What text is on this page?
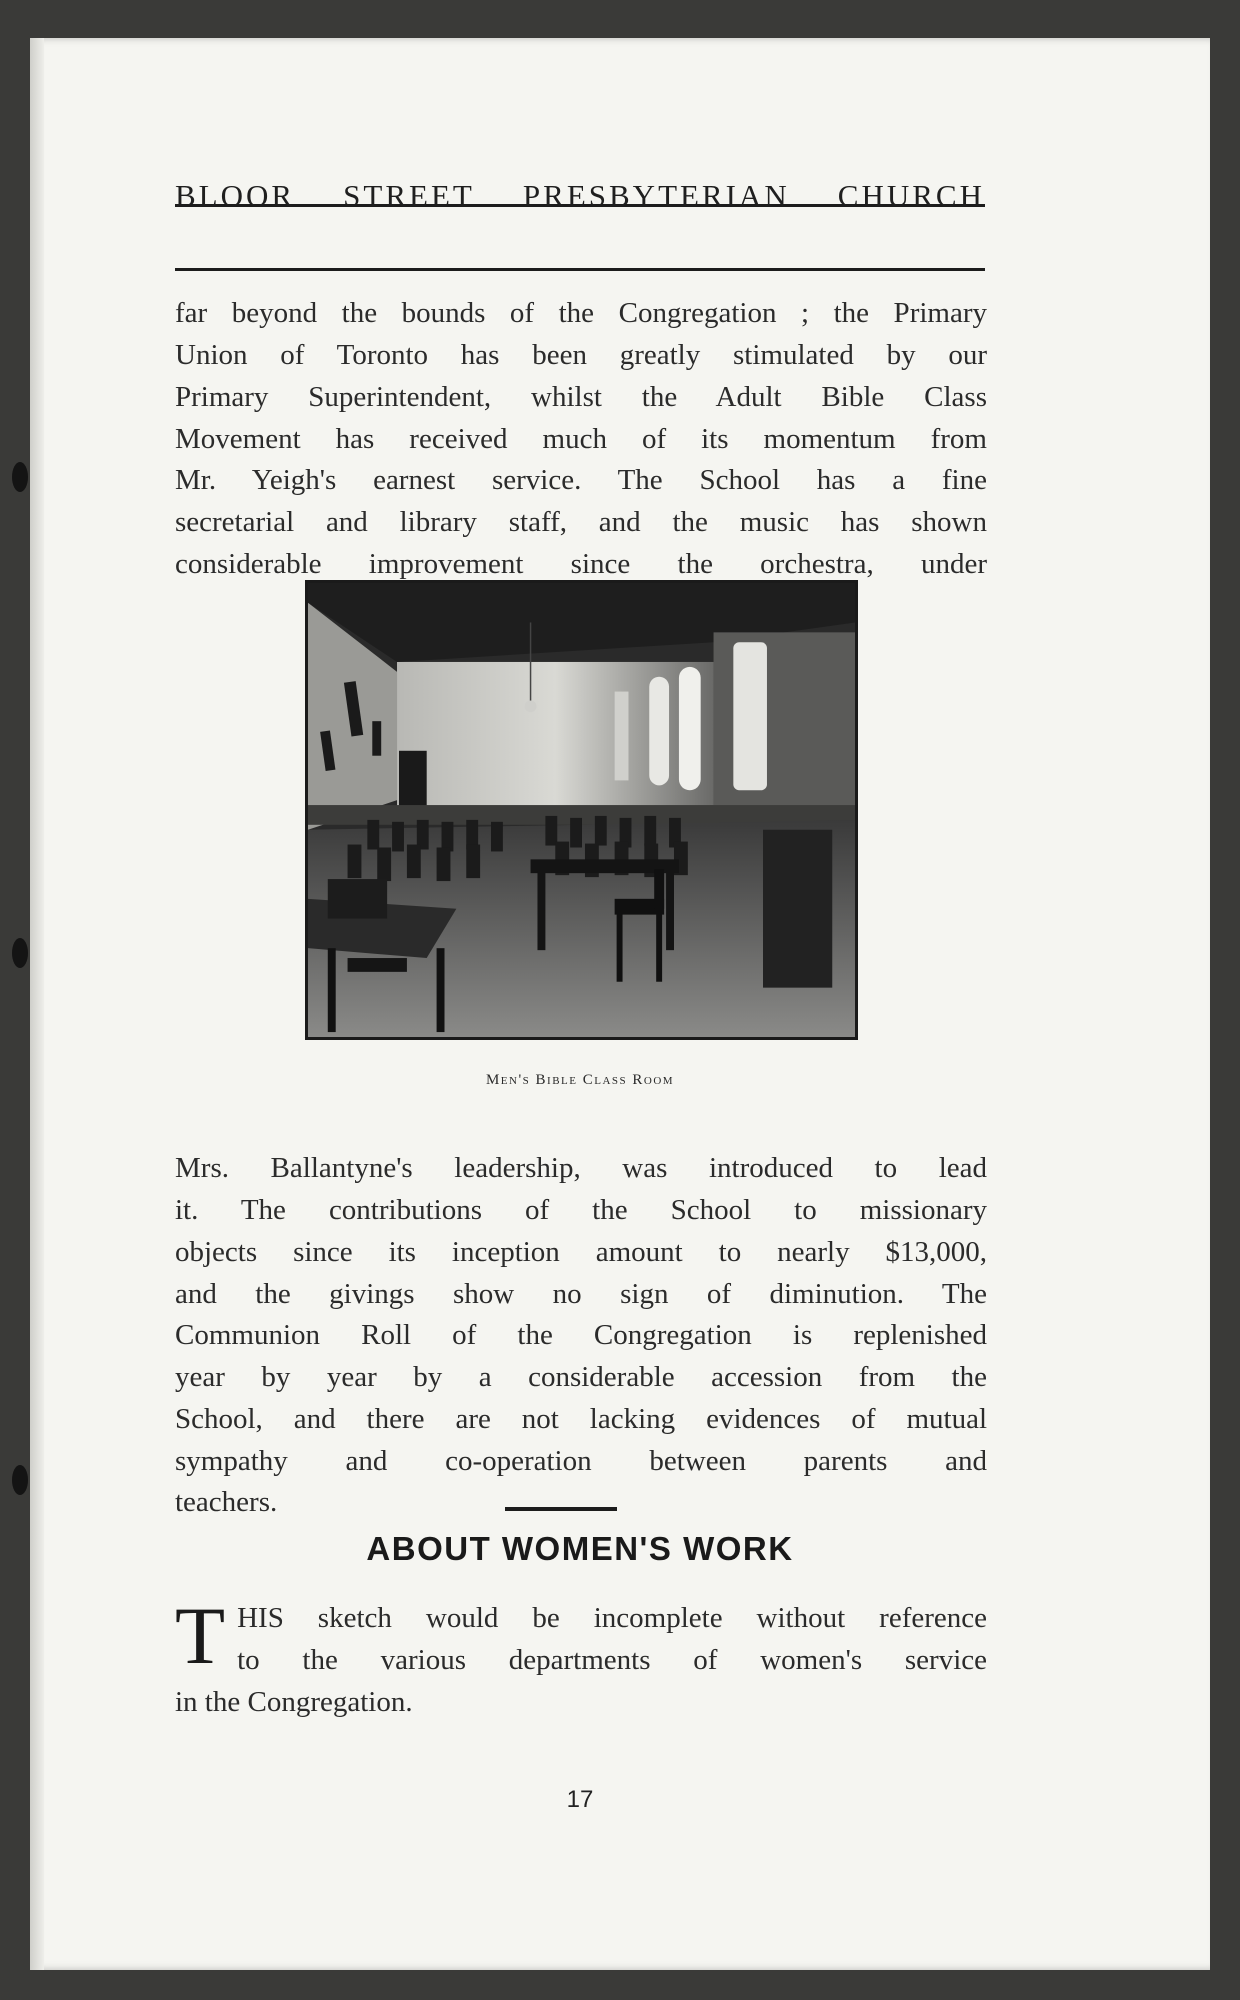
BLOOR STREET PRESBYTERIAN CHURCH

far beyond the bounds of the Congregation ; the Primary

Union of Toronto has been greatly stimulated by our

Primary Superintendent, whilst the Adult Bible Class

Movement has received much of its momentum from

Mr. Yeigh's earnest service. The School has a fine

secretarial and library staff, and the music has shown

considerable improvement since the orchestra, under

Men's Bible Class Room

Mrs. Ballantyne's leadership, was introduced to lead

it. The contributions of the School to missionary

objects since its inception amount to nearly $13,000,

and the givings show no sign of diminution. The

Communion Roll of the Congregation is replenished

year by year by a considerable accession from the

School, and there are not lacking evidences of mutual

sympathy and co-operation between parents and

teachers.

ABOUT WOMEN'S WORK
T HIS sketch would be incomplete without reference
to the various departments of women's service
in the Congregation.

17
